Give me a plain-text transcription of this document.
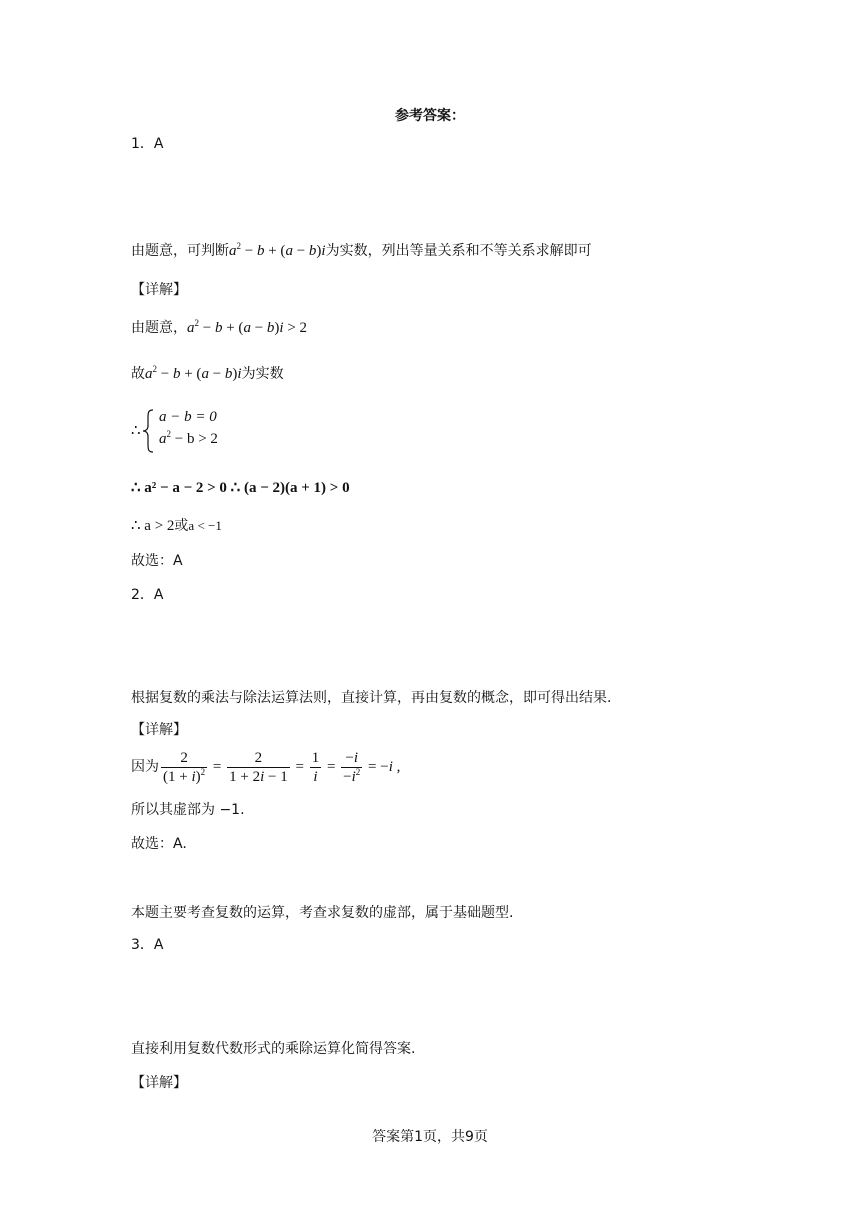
参考答案：
1．A
由题意，可判断$a^2 - b + (a - b)i$为实数，列出等量关系和不等关系求解即可
【详解】
由题意，$a^2 - b + (a - b)i > 2$
故$a^2 - b + (a - b)i$为实数
∴
a − b = 0
$a^2 - b > 2$
∴ a² − a − 2 > 0 ∴ (a − 2)(a + 1) > 0
∴ a > 2或a < −1
故选：A
2．A
根据复数的乘法与除法运算法则，直接计算，再由复数的概念，即可得出结果.
【详解】
因为 $\frac{2}{(1 + i)^2} = \frac{2}{1 + 2i - 1} = \frac{1}{i} = \frac{-i}{-i^2} = -i$ ,
所以其虚部为 −1.
故选：A.
本题主要考查复数的运算，考查求复数的虚部，属于基础题型.
3．A
直接利用复数代数形式的乘除运算化简得答案.
【详解】
答案第1页，共9页
